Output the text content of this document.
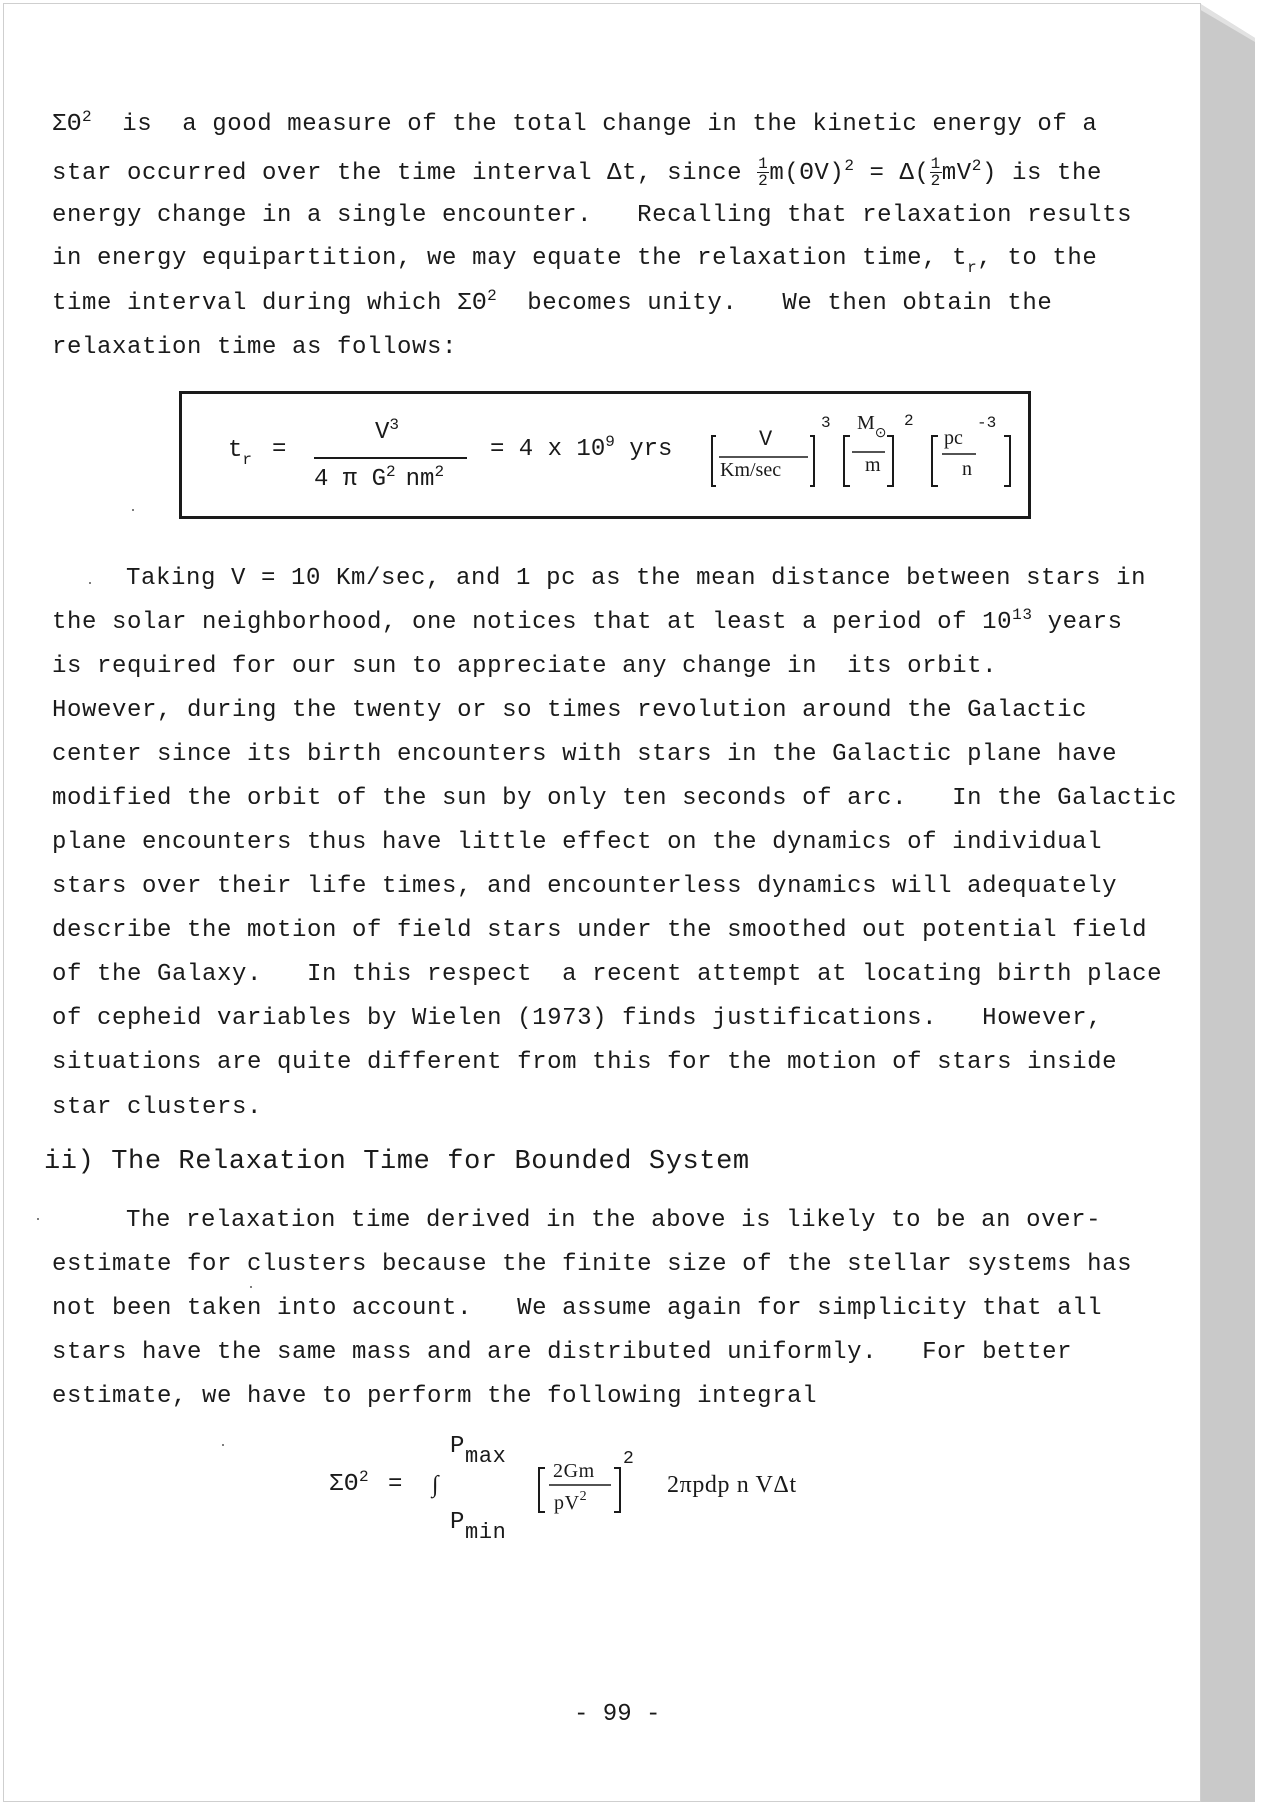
$\Sigma\Theta^2$  is  a good measure of the total change in the kinetic energy of a
star occurred over the time interval Δt, since $\frac{1}{2} m(\Theta V)^2 = \Delta( \frac{1}{2} mV^2)$ is the
energy change in a single encounter.   Recalling that relaxation results
in energy equipartition, we may equate the relaxation time, $t_r$, to the
time interval during which $\Sigma\Theta^2$  becomes unity.   We then obtain the
relaxation time as follows:
$t_r$ =
$V^3$
4 π $G^2$ $nm^2$
= 4 x $10^9$ yrs	V
Km/sec
3 $M_⊙$
m
2
pc
n
-3
Taking V = 10 Km/sec, and 1 pc as the mean distance between stars in
the solar neighborhood, one notices that at least a period of $10^{13}$ years
is required for our sun to appreciate any change in  its orbit.
However, during the twenty or so times revolution around the Galactic
center since its birth encounters with stars in the Galactic plane have
modified the orbit of the sun by only ten seconds of arc.   In the Galactic
plane encounters thus have little effect on the dynamics of individual
stars over their life times, and encounterless dynamics will adequately
describe the motion of field stars under the smoothed out potential field
of the Galaxy.   In this respect  a recent attempt at locating birth place
of cepheid variables by Wielen (1973) finds justifications.   However,
situations are quite different from this for the motion of stars inside
star clusters.
ii) The Relaxation Time for Bounded System
The relaxation time derived in the above is likely to be an over-
estimate for clusters because the finite size of the stellar systems has
not been taken into account.   We assume again for simplicity that all
stars have the same mass and are distributed uniformly.   For better
estimate, we have to perform the following integral
$\Sigma\Theta^2$ = ∫
$P_{max}$
$P_{min}$
2Gm
$pV^2$
2
2πpdp n VΔt
- 99 -
